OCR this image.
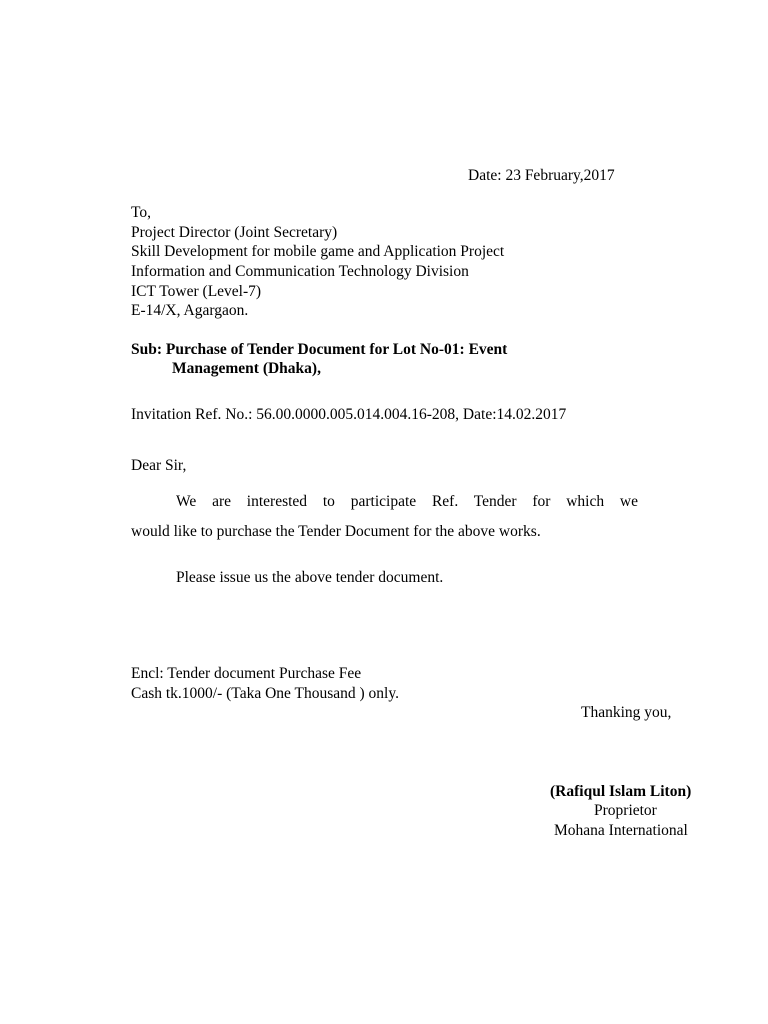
Date: 23 February,2017
To,
Project Director (Joint Secretary)
Skill Development for mobile game and Application Project
Information and Communication Technology Division
ICT Tower (Level-7)
E-14/X, Agargaon.
Sub: Purchase of Tender Document for Lot No-01: Event
Management (Dhaka),
Invitation Ref. No.: 56.00.0000.005.014.004.16-208, Date:14.02.2017
Dear Sir,
We are interested to participate Ref. Tender for which we
would like to purchase the Tender Document for the above works.
Please issue us the above tender document.
Encl: Tender document Purchase Fee
Cash tk.1000/- (Taka One Thousand ) only.
Thanking you,
(Rafiqul Islam Liton)
Proprietor
Mohana International
